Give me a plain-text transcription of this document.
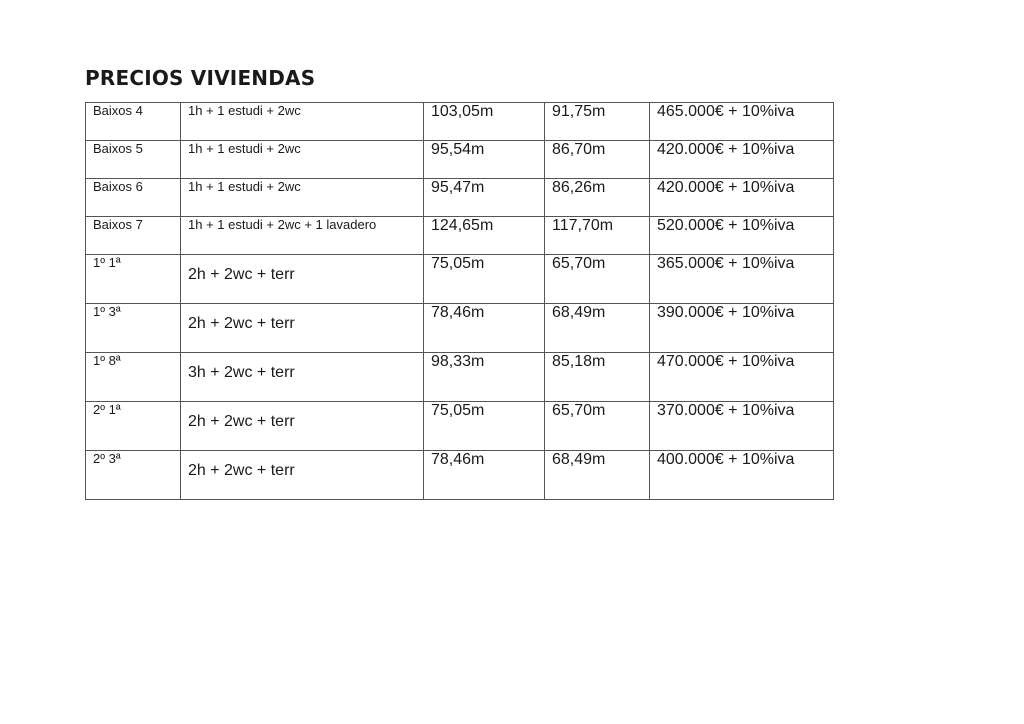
PRECIOS VIVIENDAS
Baixos 4	1h + 1 estudi + 2wc	103,05m	91,75m	465.000€ + 10%iva
Baixos 5	1h + 1 estudi + 2wc	95,54m	86,70m	420.000€ + 10%iva
Baixos 6	1h + 1 estudi + 2wc	95,47m	86,26m	420.000€ + 10%iva
Baixos 7	1h + 1 estudi + 2wc + 1 lavadero	124,65m	117,70m	520.000€ + 10%iva
1º 1ª	2h + 2wc + terr	75,05m	65,70m	365.000€ + 10%iva
1º 3ª	2h + 2wc + terr	78,46m	68,49m	390.000€ + 10%iva
1º 8ª	3h + 2wc + terr	98,33m	85,18m	470.000€ + 10%iva
2º 1ª	2h + 2wc + terr	75,05m	65,70m	370.000€ + 10%iva
2º 3ª	2h + 2wc + terr	78,46m	68,49m	400.000€ + 10%iva
